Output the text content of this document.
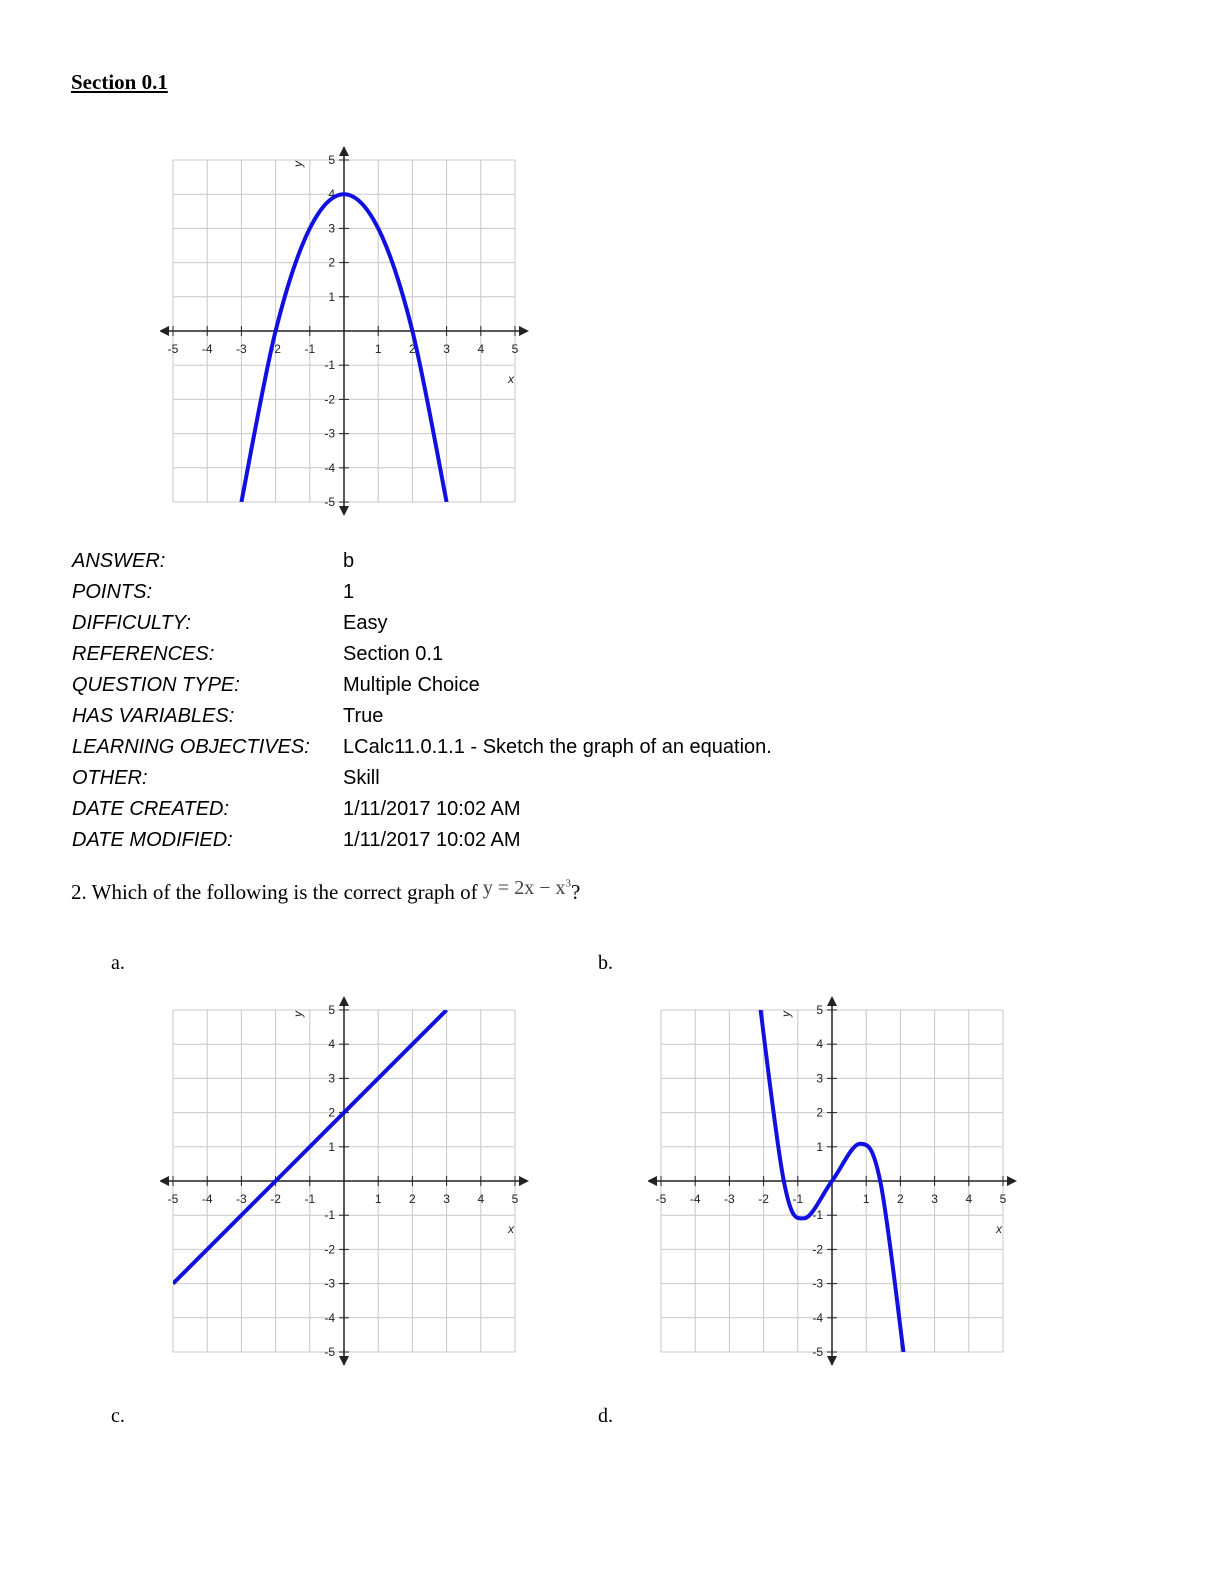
Section 0.1
-5 -4 -3 -2 -1	1 2 3 4 5
-5
-4
-3
-2
-1
1
2
3
4
5
x
y
ANSWER:	b
POINTS:	1
DIFFICULTY:	Easy
REFERENCES:	Section 0.1
QUESTION TYPE:	Multiple Choice
HAS VARIABLES:	True
LEARNING OBJECTIVES:	LCalc11.0.1.1 - Sketch the graph of an equation.
OTHER:	Skill
DATE CREATED:	1/11/2017 10:02 AM
DATE MODIFIED:	1/11/2017 10:02 AM
2. Which of the following is the correct graph of $y = 2x - x^3$?
a.	b.
-5 -4 -3 -2 -1	1 2 3 4 5
-5
-4
-3
-2
-1
1
2
3
4
5
x
y
-5 -4 -3 -2 -1	1 2 3 4 5
-5
-4
-3
-2
-1
1
2
3
4
5
x
y
c.	d.
